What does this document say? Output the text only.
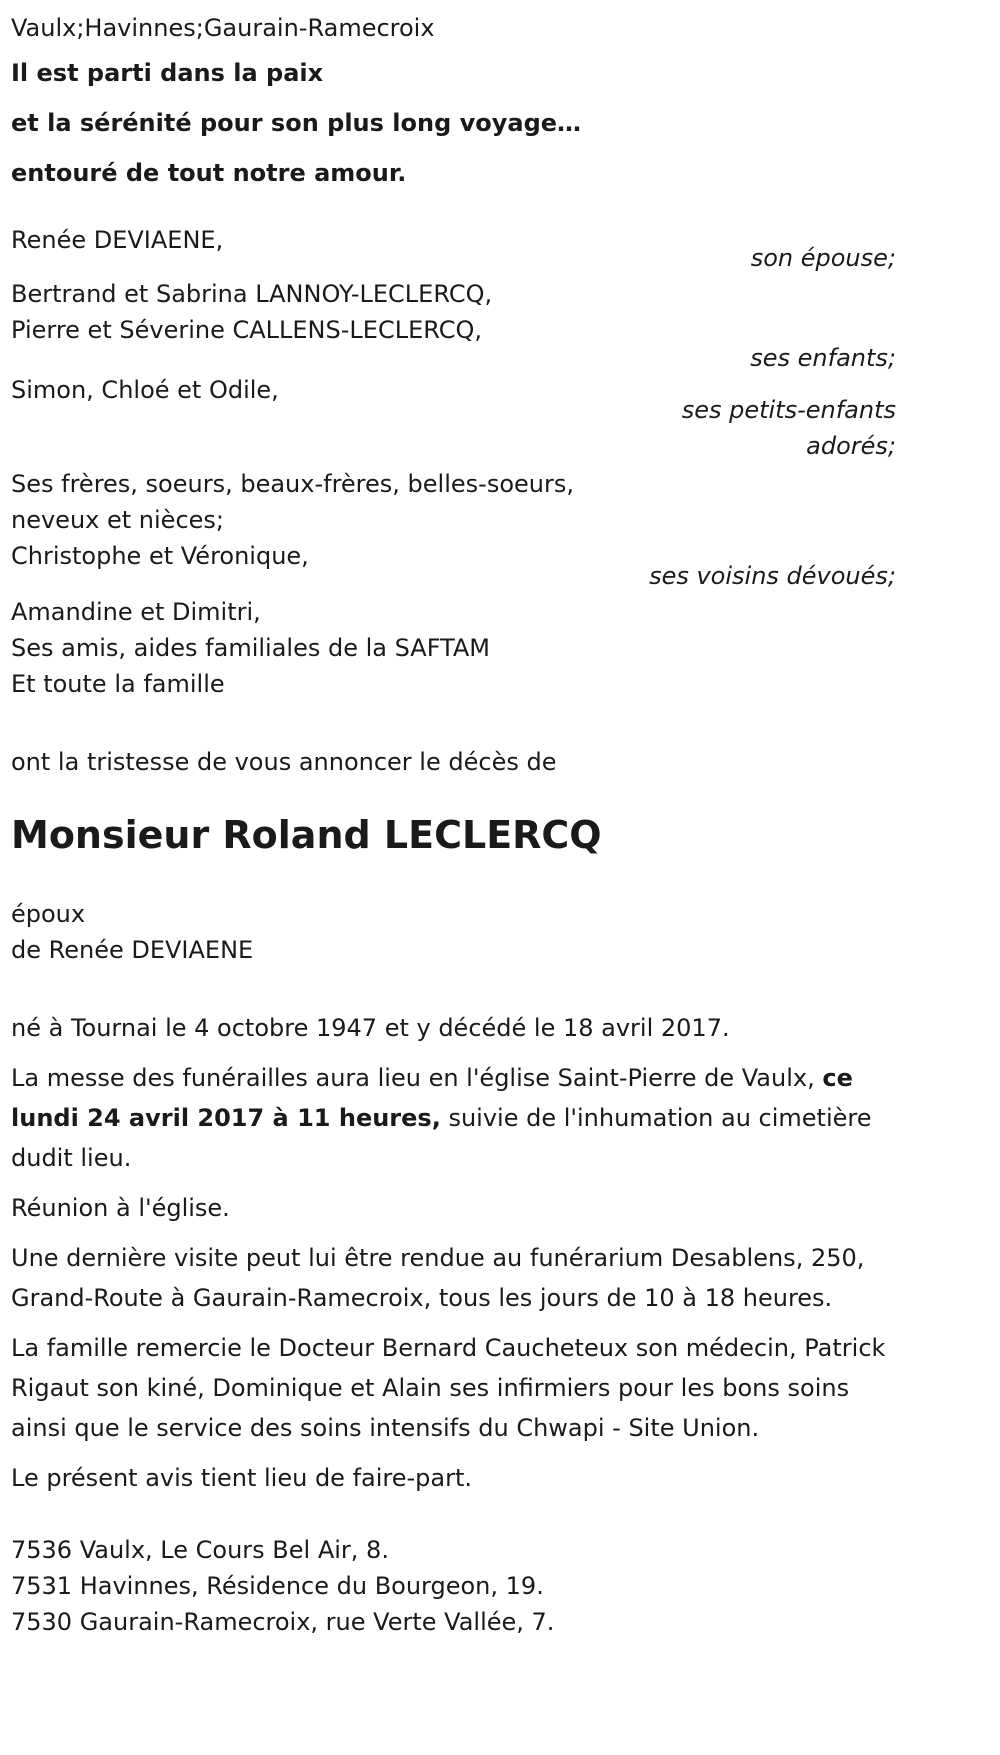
Vaulx;Havinnes;Gaurain-Ramecroix
Il est parti dans la paix
et la sérénité pour son plus long voyage…
entouré de tout notre amour.
Renée DEVIAENE,
son épouse;
Bertrand et Sabrina LANNOY-LECLERCQ,
Pierre et Séverine CALLENS-LECLERCQ,
ses enfants;
Simon, Chloé et Odile,
ses petits-enfants
adorés;
Ses frères, soeurs, beaux-frères, belles-soeurs,
neveux et nièces;
Christophe et Véronique,
ses voisins dévoués;
Amandine et Dimitri,
Ses amis, aides familiales de la SAFTAM
Et toute la famille
ont la tristesse de vous annoncer le décès de
Monsieur Roland LECLERCQ
époux
de Renée DEVIAENE
né à Tournai le 4 octobre 1947 et y décédé le 18 avril 2017.
La messe des funérailles aura lieu en l'église Saint-Pierre de Vaulx, ce lundi 24 avril 2017 à 11 heures, suivie de l'inhumation au cimetière dudit lieu.
Réunion à l'église.
Une dernière visite peut lui être rendue au funérarium Desablens, 250, Grand-Route à Gaurain-Ramecroix, tous les jours de 10 à 18 heures.
La famille remercie le Docteur Bernard Caucheteux son médecin, Patrick Rigaut son kiné, Dominique et Alain ses infirmiers pour les bons soins ainsi que le service des soins intensifs du Chwapi - Site Union.
Le présent avis tient lieu de faire-part.
7536 Vaulx, Le Cours Bel Air, 8.
7531 Havinnes, Résidence du Bourgeon, 19.
7530 Gaurain-Ramecroix, rue Verte Vallée, 7.
